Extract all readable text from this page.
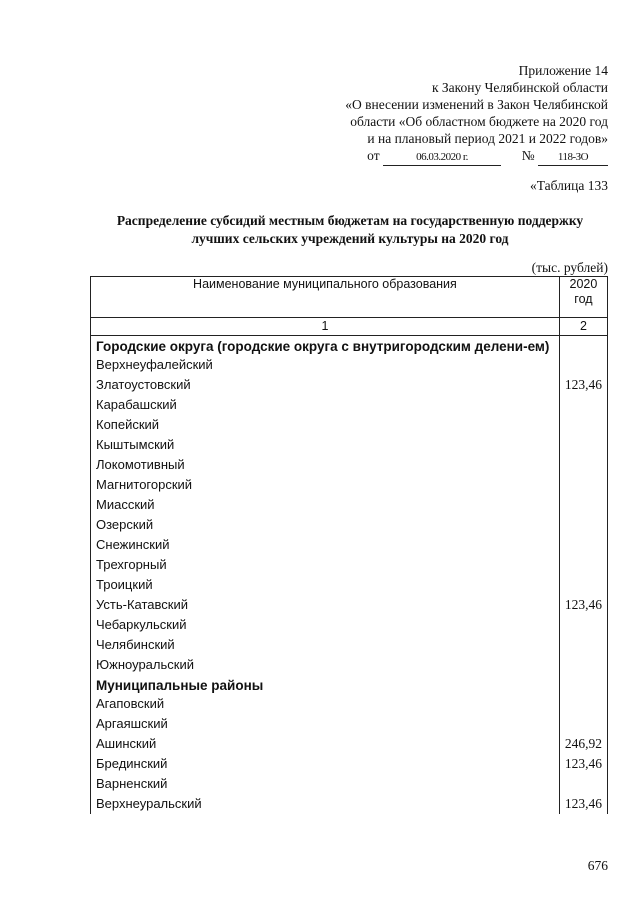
Приложение 14
к Закону Челябинской области
«О внесении изменений в Закон Челябинской
области «Об областном бюджете на 2020 год
и на плановый период 2021 и 2022 годов»
от	06.03.2020 г.	№ 118-ЗО
«Таблица 133
Распределение субсидий местным бюджетам на государственную поддержку
лучших сельских учреждений культуры на 2020 год
(тыс. рублей)
Наименование муниципального образования	2020 год
1	2
Городские округа (городские округа с внутригородским делени-ем)	
Верхнеуфалейский	
Златоустовский	123,46
Карабашский	
Копейский	
Кыштымский	
Локомотивный	
Магнитогорский	
Миасский	
Озерский	
Снежинский	
Трехгорный	
Троицкий	
Усть-Катавский	123,46
Чебаркульский	
Челябинский	
Южноуральский	
Муниципальные районы	
Агаповский	
Аргаяшский	
Ашинский	246,92
Брединский	123,46
Варненский	
Верхнеуральский	123,46
676
